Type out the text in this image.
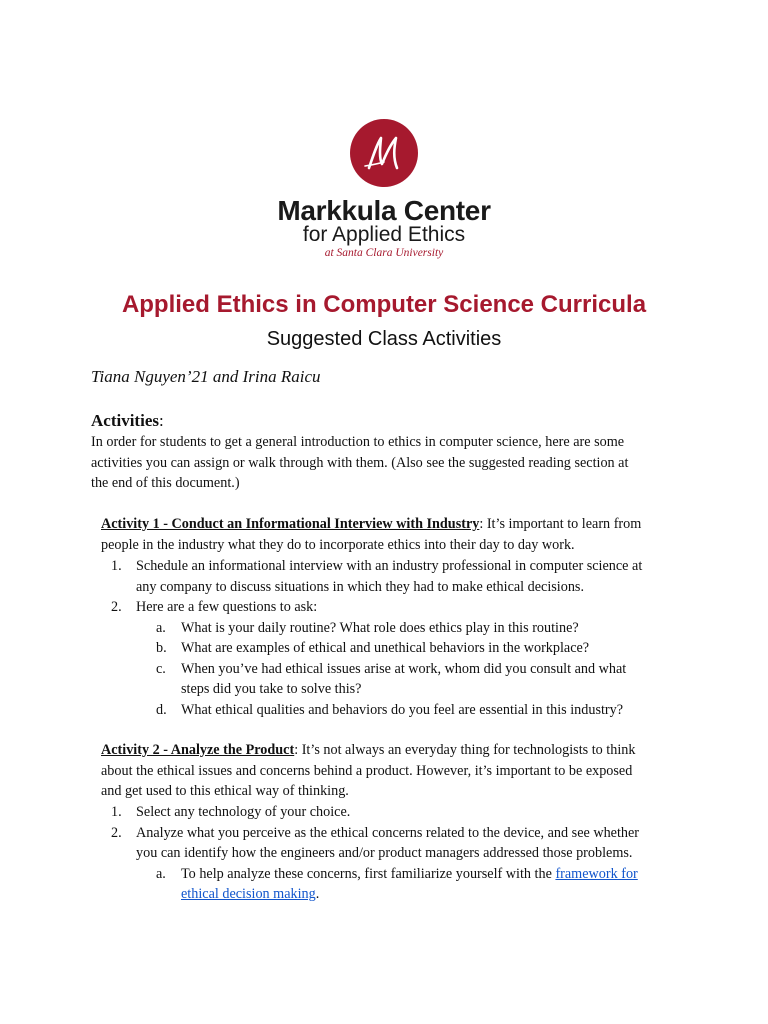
Markkula Center
for Applied Ethics
at Santa Clara University
Applied Ethics in Computer Science Curricula
Suggested Class Activities
Tiana Nguyen’21 and Irina Raicu
Activities:
In order for students to get a general introduction to ethics in computer science, here are some
activities you can assign or walk through with them. (Also see the suggested reading section at
the end of this document.)
Activity 1 - Conduct an Informational Interview with Industry: It’s important to learn from
people in the industry what they do to incorporate ethics into their day to day work.
1. Schedule an informational interview with an industry professional in computer science at
any company to discuss situations in which they had to make ethical decisions.
2. Here are a few questions to ask:
a. What is your daily routine? What role does ethics play in this routine?
b. What are examples of ethical and unethical behaviors in the workplace?
c. When you’ve had ethical issues arise at work, whom did you consult and what
steps did you take to solve this?
d. What ethical qualities and behaviors do you feel are essential in this industry?
Activity 2 - Analyze the Product: It’s not always an everyday thing for technologists to think
about the ethical issues and concerns behind a product. However, it’s important to be exposed
and get used to this ethical way of thinking.
1. Select any technology of your choice.
2. Analyze what you perceive as the ethical concerns related to the device, and see whether
you can identify how the engineers and/or product managers addressed those problems.
a. To help analyze these concerns, first familiarize yourself with the framework for
ethical decision making.
